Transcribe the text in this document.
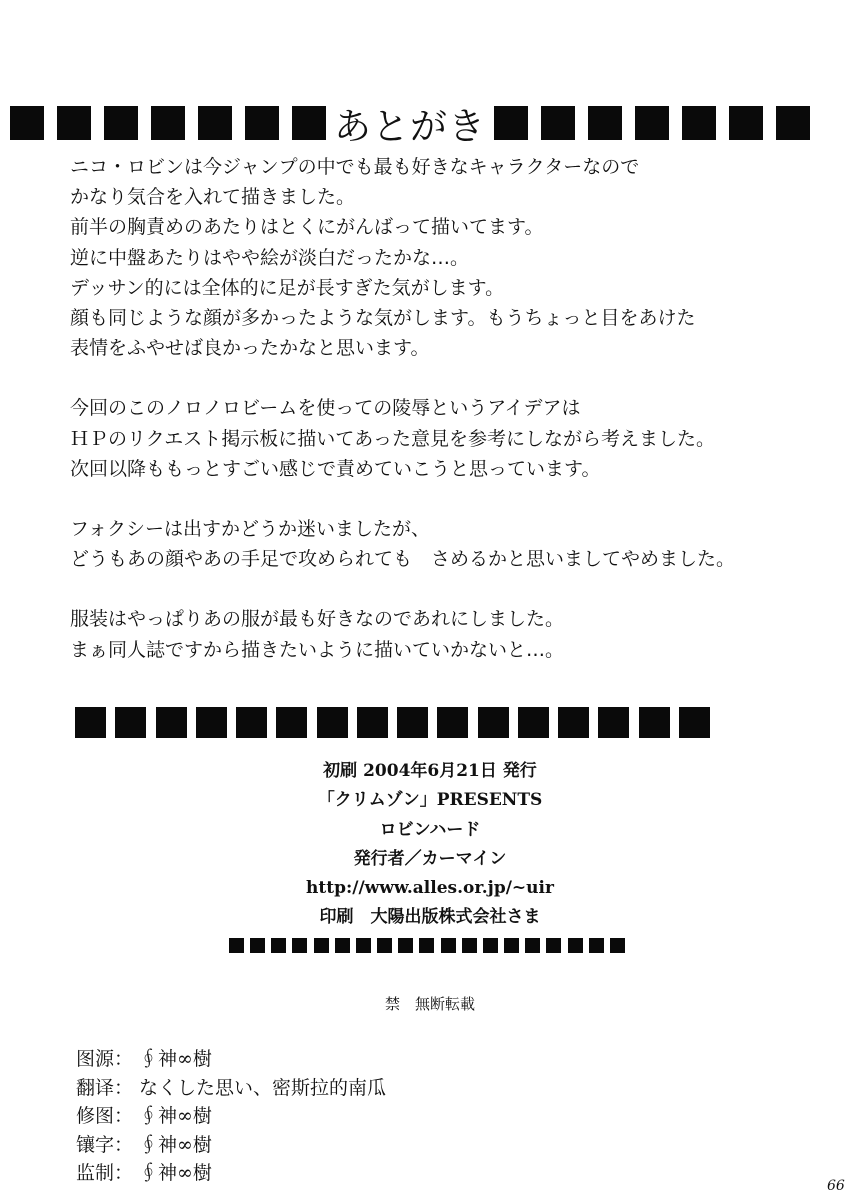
あとがき
ニコ・ロビンは今ジャンプの中でも最も好きなキャラクターなので
かなり気合を入れて描きました。
前半の胸責めのあたりはとくにがんばって描いてます。
逆に中盤あたりはやや絵が淡白だったかな…。
デッサン的には全体的に足が長すぎた気がします。
顔も同じような顔が多かったような気がします。もうちょっと目をあけた
表情をふやせば良かったかなと思います。
今回のこのノロノロビームを使っての陵辱というアイデアは
ＨＰのリクエスト掲示板に描いてあった意見を参考にしながら考えました。
次回以降ももっとすごい感じで責めていこうと思っています。
フォクシーは出すかどうか迷いましたが、
どうもあの顔やあの手足で攻められても　さめるかと思いましてやめました。
服装はやっぱりあの服が最も好きなのであれにしました。
まぁ同人誌ですから描きたいように描いていかないと…。
初刷 2004年6月21日 発行
「クリムゾン」PRESENTS
ロビンハード
発行者／カーマイン
http://www.alles.or.jp/~uir
印刷　大陽出版株式会社さま
禁　無断転載
图源： ∮神∞樹
翻译： なくした思い、密斯拉的南瓜
修图： ∮神∞樹
镶字： ∮神∞樹
监制： ∮神∞樹
66
